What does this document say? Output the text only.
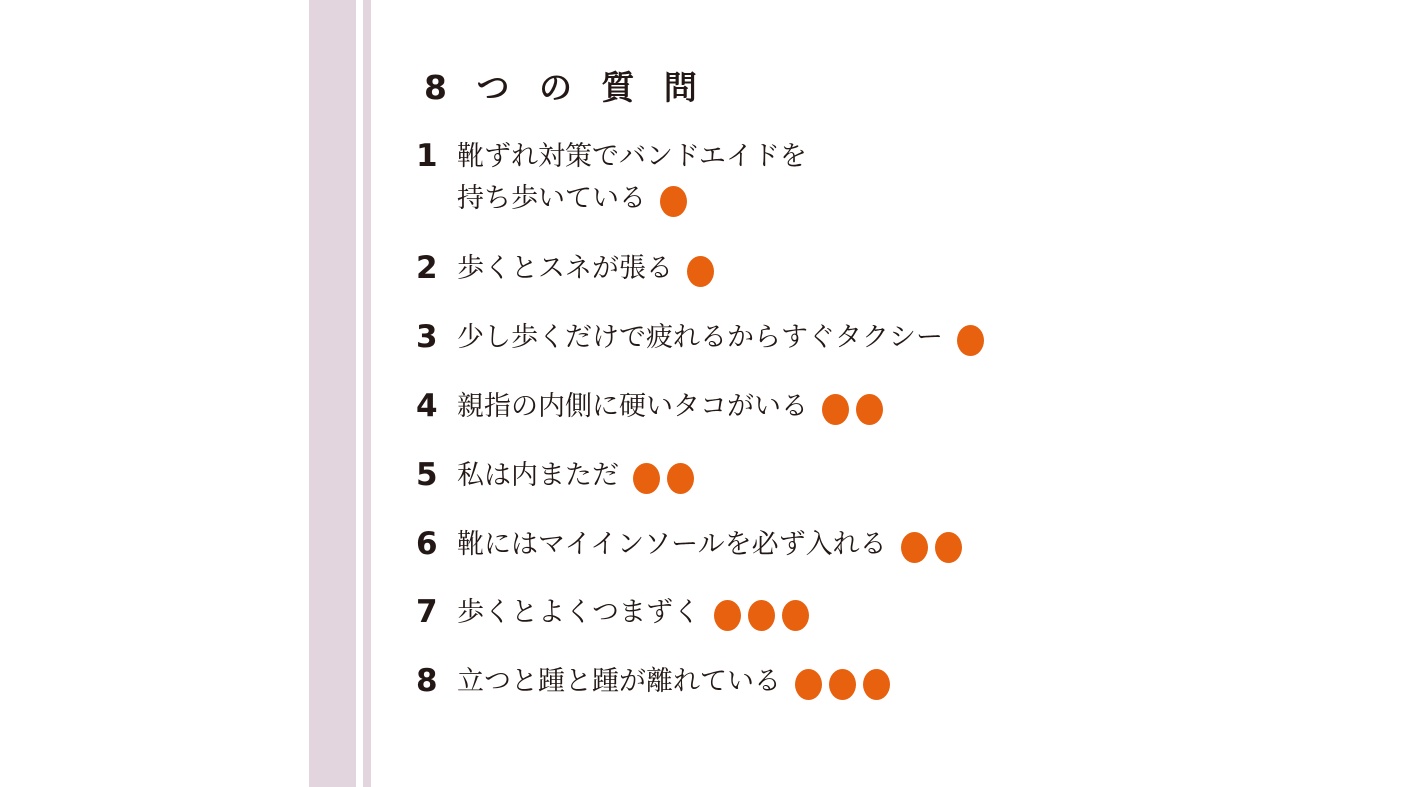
8 つ の 質 問
1 靴ずれ対策でバンドエイドを
持ち歩いている
2 歩くとスネが張る
3 少し歩くだけで疲れるからすぐタクシー
4 親指の内側に硬いタコがいる
5 私は内まただ
6 靴にはマイインソールを必ず入れる
7 歩くとよくつまずく
8 立つと踵と踵が離れている
